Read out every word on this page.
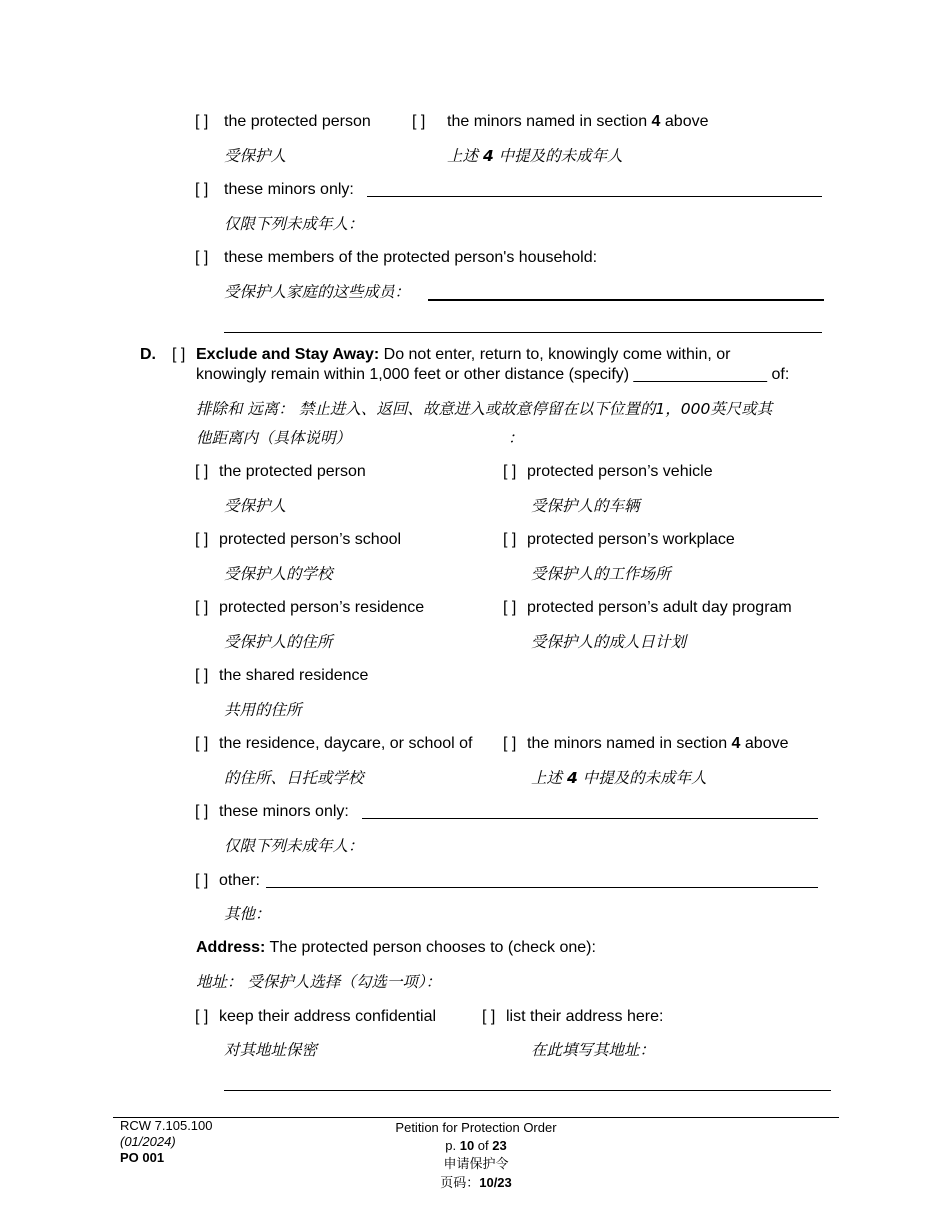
[ ] the protected person	[ ] the minors named in section 4 above
受保护人	上述 4 中提及的未成年人
[ ] these minors only:
仅限下列未成年人：
[ ] these members of the protected person's household:
受保护人家庭的这些成员：
D. [ ] Exclude and Stay Away: Do not enter, return to, knowingly come within, or
knowingly remain within 1,000 feet or other distance (specify) _______________ of:
排除和 远离： 禁止进入、返回、故意进入或故意停留在以下位置的1，000英尺或其
他距离内（具体说明）	：
[ ] the protected person	[ ] protected person’s vehicle
受保护人	受保护人的车辆
[ ] protected person’s school	[ ] protected person’s workplace
受保护人的学校	受保护人的工作场所
[ ] protected person’s residence	[ ] protected person’s adult day program
受保护人的住所	受保护人的成人日计划
[ ] the shared residence
共用的住所
[ ] the residence, daycare, or school of [ ] the minors named in section 4 above
的住所、日托或学校	上述 4 中提及的未成年人
[ ] these minors only:
仅限下列未成年人：
[ ] other:
其他：
Address: The protected person chooses to (check one):
地址： 受保护人选择（勾选一项）：
[ ] keep their address confidential	[ ] list their address here:
对其地址保密	在此填写其地址：
RCW 7.105.100
(01/2024)
PO 001
Petition for Protection Order
p. 10 of 23
申请保护令
页码：10/23
